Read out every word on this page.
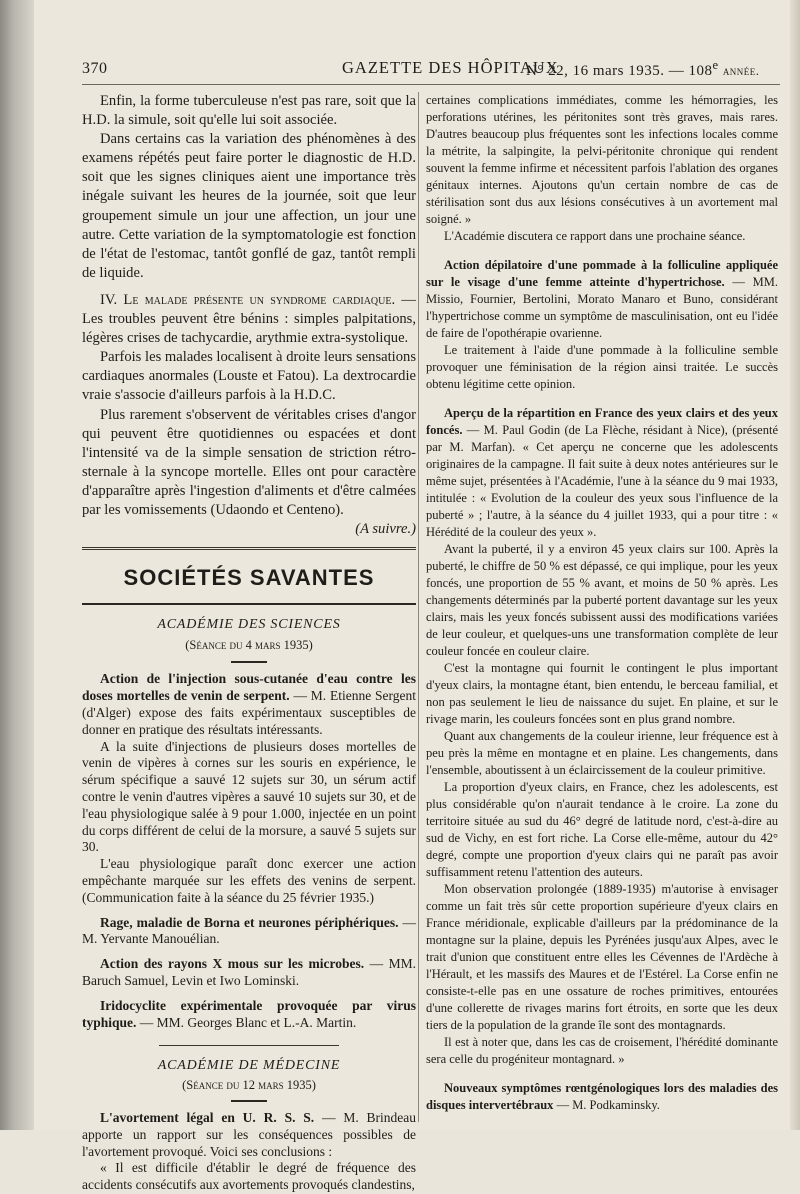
370	GAZETTE DES HÔPITAUX
N° 22, 16 mars 1935. — 108e année.

Enfin, la forme tuberculeuse n'est pas rare, soit que la H.D. la simule, soit qu'elle lui soit associée.

Dans certains cas la variation des phénomènes à des examens répétés peut faire porter le diagnostic de H.D. soit que les signes cliniques aient une importance très inégale suivant les heures de la journée, soit que leur groupement simule un jour une affection, un jour une autre. Cette variation de la symptomatologie est fonction de l'état de l'estomac, tantôt gonflé de gaz, tantôt rempli de liquide.

IV. Le malade présente un syndrome cardiaque. — Les troubles peuvent être bénins : simples palpitations, légères crises de tachycardie, arythmie extra-systolique.

Parfois les malades localisent à droite leurs sensations cardiaques anormales (Louste et Fatou). La dextrocardie vraie s'associe d'ailleurs parfois à la H.D.C.

Plus rarement s'observent de véritables crises d'angor qui peuvent être quotidiennes ou espacées et dont l'intensité va de la simple sensation de striction rétro-sternale à la syncope mortelle. Elles ont pour caractère d'apparaître après l'ingestion d'aliments et d'être calmées par les vomissements (Udaondo et Centeno).

(A suivre.)

SOCIÉTÉS SAVANTES
ACADÉMIE DES SCIENCES
(Séance du 4 mars 1935)

Action de l'injection sous-cutanée d'eau contre les doses mortelles de venin de serpent. — M. Etienne Sergent (d'Alger) expose des faits expérimentaux susceptibles de donner en pratique des résultats intéressants.

A la suite d'injections de plusieurs doses mortelles de venin de vipères à cornes sur les souris en expérience, le sérum spécifique a sauvé 12 sujets sur 30, un sérum actif contre le venin d'autres vipères a sauvé 10 sujets sur 30, et de l'eau physiologique salée à 9 pour 1.000, injectée en un point du corps différent de celui de la morsure, a sauvé 5 sujets sur 30.

L'eau physiologique paraît donc exercer une action empêchante marquée sur les effets des venins de serpent. (Communication faite à la séance du 25 février 1935.)

Rage, maladie de Borna et neurones périphériques. — M. Yervante Manouélian.

Action des rayons X mous sur les microbes. — MM. Baruch Samuel, Levin et Iwo Lominski.

Iridocyclite expérimentale provoquée par virus typhique. — MM. Georges Blanc et L.-A. Martin.

ACADÉMIE DE MÉDECINE
(Séance du 12 mars 1935)

L'avortement légal en U. R. S. S. — M. Brindeau apporte un rapport sur les conséquences possibles de l'avortement provoqué. Voici ses conclusions :

« Il est difficile d'établir le degré de fréquence des accidents consécutifs aux avortements provoqués clandestins,

certaines complications immédiates, comme les hémorragies, les perforations utérines, les péritonites sont très graves, mais rares. D'autres beaucoup plus fréquentes sont les infections locales comme la métrite, la salpingite, la pelvi-péritonite chronique qui rendent souvent la femme infirme et nécessitent parfois l'ablation des organes génitaux internes. Ajoutons qu'un certain nombre de cas de stérilisation sont dus aux lésions consécutives à un avortement mal soigné. »

L'Académie discutera ce rapport dans une prochaine séance.

Action dépilatoire d'une pommade à la folliculine appliquée sur le visage d'une femme atteinte d'hypertrichose. — MM. Missio, Fournier, Bertolini, Morato Manaro et Buno, considérant l'hypertrichose comme un symptôme de masculinisation, ont eu l'idée de faire de l'opothérapie ovarienne.

Le traitement à l'aide d'une pommade à la folliculine semble provoquer une féminisation de la région ainsi traitée. Le succès obtenu légitime cette opinion.

Aperçu de la répartition en France des yeux clairs et des yeux foncés. — M. Paul Godin (de La Flèche, résidant à Nice), (présenté par M. Marfan). « Cet aperçu ne concerne que les adolescents originaires de la campagne. Il fait suite à deux notes antérieures sur le même sujet, présentées à l'Académie, l'une à la séance du 9 mai 1933, intitulée : « Evolution de la couleur des yeux sous l'influence de la puberté » ; l'autre, à la séance du 4 juillet 1933, qui a pour titre : « Hérédité de la couleur des yeux ».

Avant la puberté, il y a environ 45 yeux clairs sur 100. Après la puberté, le chiffre de 50 % est dépassé, ce qui implique, pour les yeux foncés, une proportion de 55 % avant, et moins de 50 % après. Les changements déterminés par la puberté portent davantage sur les yeux clairs, mais les yeux foncés subissent aussi des modifications variées de leur couleur, et quelques-uns une transformation complète de leur couleur foncée en couleur claire.

C'est la montagne qui fournit le contingent le plus important d'yeux clairs, la montagne étant, bien entendu, le berceau familial, et non pas seulement le lieu de naissance du sujet. En plaine, et sur le rivage marin, les couleurs foncées sont en plus grand nombre.

Quant aux changements de la couleur irienne, leur fréquence est à peu près la même en montagne et en plaine. Les changements, dans l'ensemble, aboutissent à un éclaircissement de la couleur primitive.

La proportion d'yeux clairs, en France, chez les adolescents, est plus considérable qu'on n'aurait tendance à le croire. La zone du territoire située au sud du 46° degré de latitude nord, c'est-à-dire au sud de Vichy, en est fort riche. La Corse elle-même, autour du 42° degré, compte une proportion d'yeux clairs qui ne paraît pas avoir suffisamment retenu l'attention des auteurs.

Mon observation prolongée (1889-1935) m'autorise à envisager comme un fait très sûr cette proportion supérieure d'yeux clairs en France méridionale, explicable d'ailleurs par la prédominance de la montagne sur la plaine, depuis les Pyrénées jusqu'aux Alpes, avec le trait d'union que constituent entre elles les Cévennes de l'Ardèche à l'Hérault, et les massifs des Maures et de l'Estérel. La Corse enfin ne consiste-t-elle pas en une ossature de roches primitives, entourées d'une collerette de rivages marins fort étroits, en sorte que les deux tiers de la population de la grande île sont des montagnards.

Il est à noter que, dans les cas de croisement, l'hérédité dominante sera celle du progéniteur montagnard. »

Nouveaux symptômes rœntgénologiques lors des maladies des disques intervertébraux — M. Podkaminsky.
